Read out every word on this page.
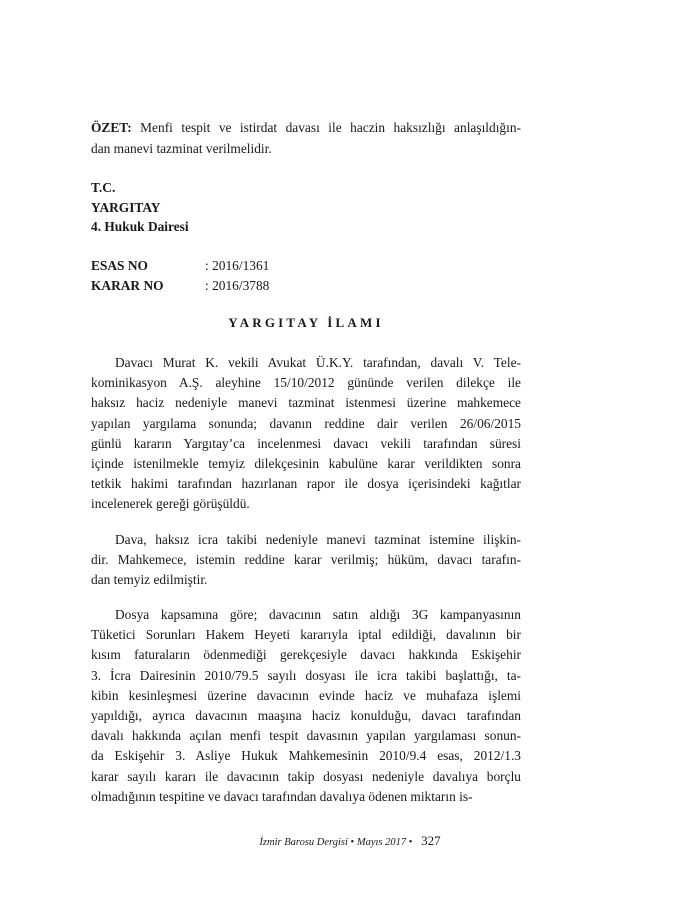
ÖZET: Menfi tespit ve istirdat davası ile haczin haksızlığı anlaşıldığın-
dan manevi tazminat verilmelidir.
T.C.
YARGITAY
4. Hukuk Dairesi
ESAS NO	: 2016/1361
KARAR NO	: 2016/3788
YARGITAY İLAMI
Davacı Murat K. vekili Avukat Ü.K.Y. tarafından, davalı V. Tele-
kominikasyon A.Ş. aleyhine 15/10/2012 gününde verilen dilekçe ile
haksız haciz nedeniyle manevi tazminat istenmesi üzerine mahkemece
yapılan yargılama sonunda; davanın reddine dair verilen 26/06/2015
günlü kararın Yargıtay’ca incelenmesi davacı vekili tarafından süresi
içinde istenilmekle temyiz dilekçesinin kabulüne karar verildikten sonra
tetkik hakimi tarafından hazırlanan rapor ile dosya içerisindeki kağıtlar
incelenerek gereği görüşüldü.
Dava, haksız icra takibi nedeniyle manevi tazminat istemine ilişkin-
dir. Mahkemece, istemin reddine karar verilmiş; hüküm, davacı tarafın-
dan temyiz edilmiştir.
Dosya kapsamına göre; davacının satın aldığı 3G kampanyasının
Tüketici Sorunları Hakem Heyeti kararıyla iptal edildiği, davalının bir
kısım faturaların ödenmediği gerekçesiyle davacı hakkında Eskişehir
3. İcra Dairesinin 2010/79.5 sayılı dosyası ile icra takibi başlattığı, ta-
kibin kesinleşmesi üzerine davacının evinde haciz ve muhafaza işlemi
yapıldığı, ayrıca davacının maaşına haciz konulduğu, davacı tarafından
davalı hakkında açılan menfi tespit davasının yapılan yargılaması sonun-
da Eskişehir 3. Asliye Hukuk Mahkemesinin 2010/9.4 esas, 2012/1.3
karar sayılı kararı ile davacının takip dosyası nedeniyle davalıya borçlu
olmadığının tespitine ve davacı tarafından davalıya ödenen miktarın is-
İzmir Barosu Dergisi • Mayıs 2017 • 327
